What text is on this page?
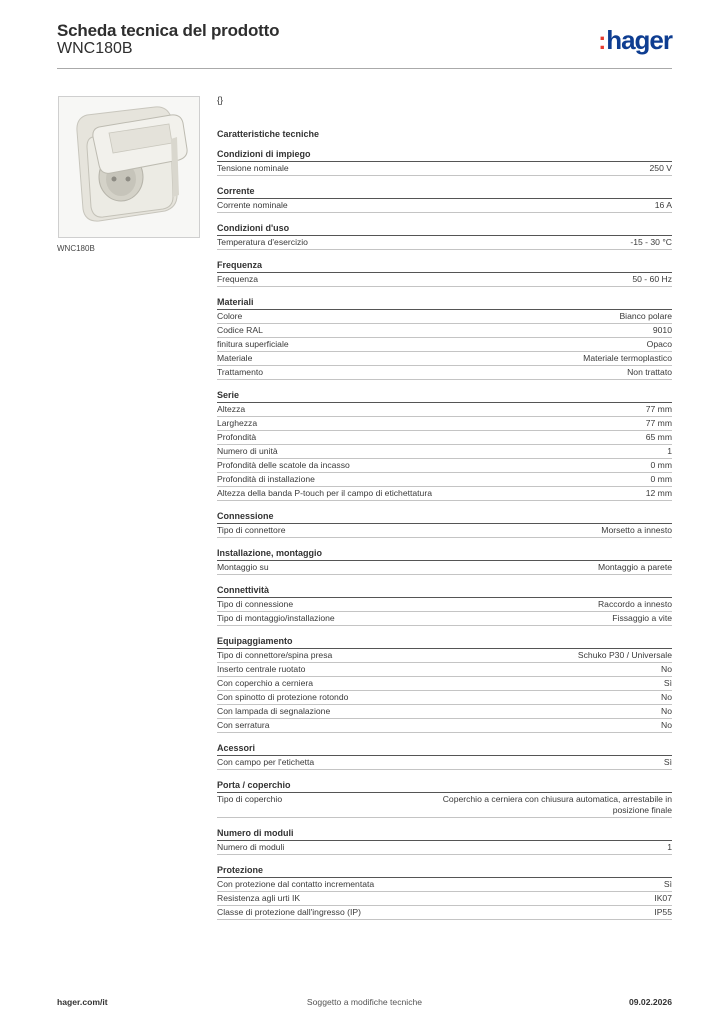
Scheda tecnica del prodotto
WNC180B	:hager
WNC180B
{}
Caratteristiche tecniche
Condizioni di impiego
Tensione nominale	250 V
Corrente
Corrente nominale	16 A
Condizioni d'uso
Temperatura d'esercizio	-15 - 30 °C
Frequenza
Frequenza	50 - 60 Hz
Materiali
Colore	Bianco polare
Codice RAL	9010
finitura superficiale	Opaco
Materiale	Materiale termoplastico
Trattamento	Non trattato
Serie
Altezza	77 mm
Larghezza	77 mm
Profondità	65 mm
Numero di unità	1
Profondità delle scatole da incasso	0 mm
Profondità di installazione	0 mm
Altezza della banda P-touch per il campo di etichettatura	12 mm
Connessione
Tipo di connettore	Morsetto a innesto
Installazione, montaggio
Montaggio su	Montaggio a parete
Connettività
Tipo di connessione	Raccordo a innesto
Tipo di montaggio/installazione	Fissaggio a vite
Equipaggiamento
Tipo di connettore/spina presa	Schuko P30 / Universale
Inserto centrale ruotato	No
Con coperchio a cerniera	Sì
Con spinotto di protezione rotondo	No
Con lampada di segnalazione	No
Con serratura	No
Acessori
Con campo per l'etichetta	Sì
Porta / coperchio
Tipo di coperchio	Coperchio a cerniera con chiusura automatica, arrestabile in posizione finale
Numero di moduli
Numero di moduli	1
Protezione
Con protezione dal contatto incrementata	Sì
Resistenza agli urti IK	IK07
Classe di protezione dall'ingresso (IP)	IP55
hager.com/it	Soggetto a modifiche tecniche	09.02.2026
